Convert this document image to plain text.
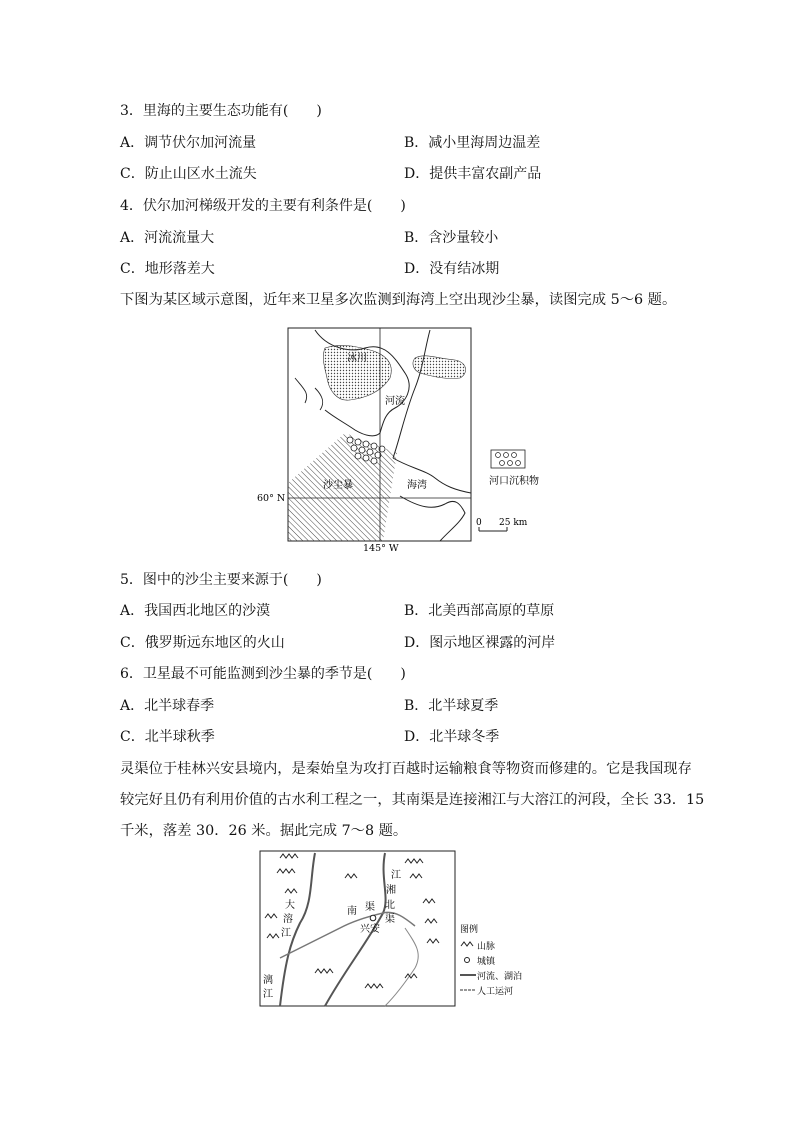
3．里海的主要生态功能有(　　)
A．调节伏尔加河流量	B．减小里海周边温差
C．防止山区水土流失	D．提供丰富农副产品
4．伏尔加河梯级开发的主要有利条件是(　　)
A．河流流量大	B．含沙量较小
C．地形落差大	D．没有结冰期
下图为某区域示意图，近年来卫星多次监测到海湾上空出现沙尘暴，读图完成 5～6 题。
冰川
河流
沙尘暴	海湾
60° N
145° W
河口沉积物
0 25 km
5．图中的沙尘主要来源于(　　)
A．我国西北地区的沙漠	B．北美西部高原的草原
C．俄罗斯远东地区的火山	D．图示地区裸露的河岸
6．卫星最不可能监测到沙尘暴的季节是(　　)
A．北半球春季	B．北半球夏季
C．北半球秋季	D．北半球冬季
灵渠位于桂林兴安县境内，是秦始皇为攻打百越时运输粮食等物资而修建的。它是我国现存
较完好且仍有利用价值的古水利工程之一，其南渠是连接湘江与大溶江的河段，全长 33．15
千米，落差 30．26 米。据此完成 7～8 题。
江
湘
大
溶
江
漓
江
南 渠 北
渠
兴安	图例
山脉
城镇
河流、湖泊
人工运河
